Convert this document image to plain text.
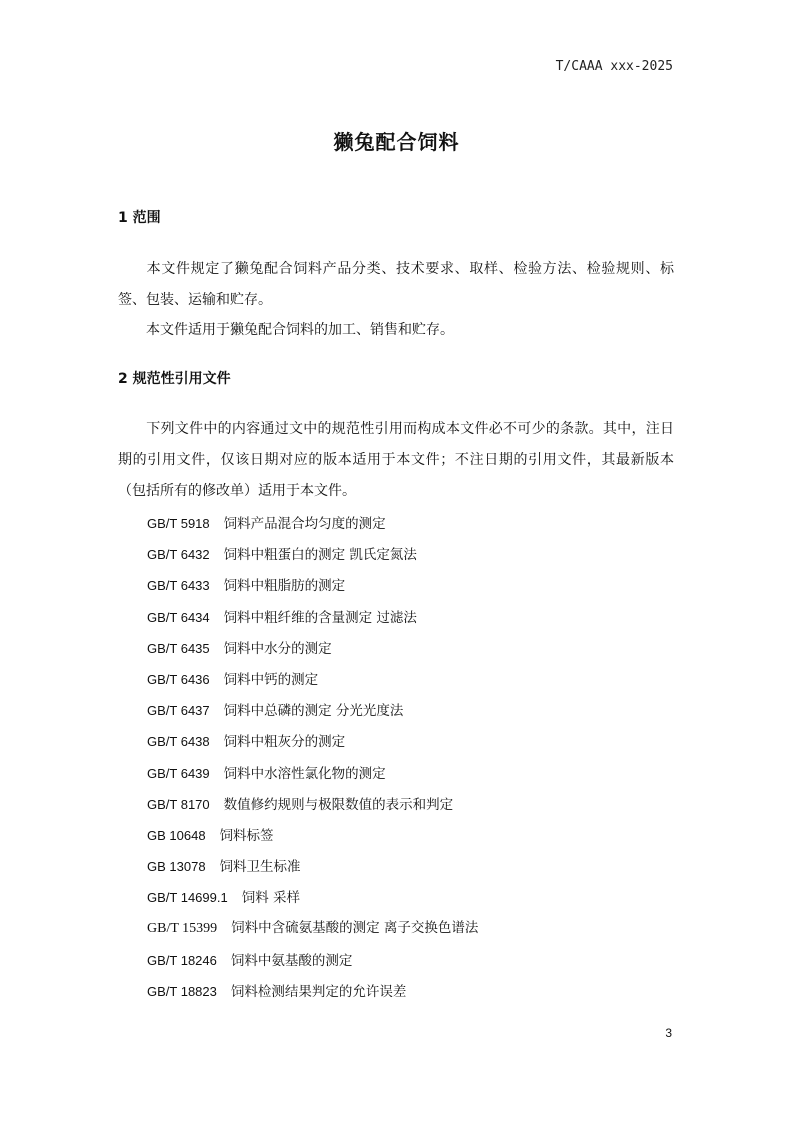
T/CAAA xxx-2025
獭兔配合饲料
1 范围
本文件规定了獭兔配合饲料产品分类、技术要求、取样、检验方法、检验规则、标签、包装、运输和贮存。
本文件适用于獭兔配合饲料的加工、销售和贮存。
2 规范性引用文件
下列文件中的内容通过文中的规范性引用而构成本文件必不可少的条款。其中，注日期的引用文件，仅该日期对应的版本适用于本文件；不注日期的引用文件，其最新版本（包括所有的修改单）适用于本文件。
GB/T 5918 饲料产品混合均匀度的测定
GB/T 6432 饲料中粗蛋白的测定 凯氏定氮法
GB/T 6433 饲料中粗脂肪的测定
GB/T 6434 饲料中粗纤维的含量测定 过滤法
GB/T 6435 饲料中水分的测定
GB/T 6436 饲料中钙的测定
GB/T 6437 饲料中总磷的测定 分光光度法
GB/T 6438 饲料中粗灰分的测定
GB/T 6439 饲料中水溶性氯化物的测定
GB/T 8170 数值修约规则与极限数值的表示和判定
GB 10648 饲料标签
GB 13078 饲料卫生标准
GB/T 14699.1 饲料 采样
GB/T 15399 饲料中含硫氨基酸的测定 离子交换色谱法
GB/T 18246 饲料中氨基酸的测定
GB/T 18823 饲料检测结果判定的允许误差
3
